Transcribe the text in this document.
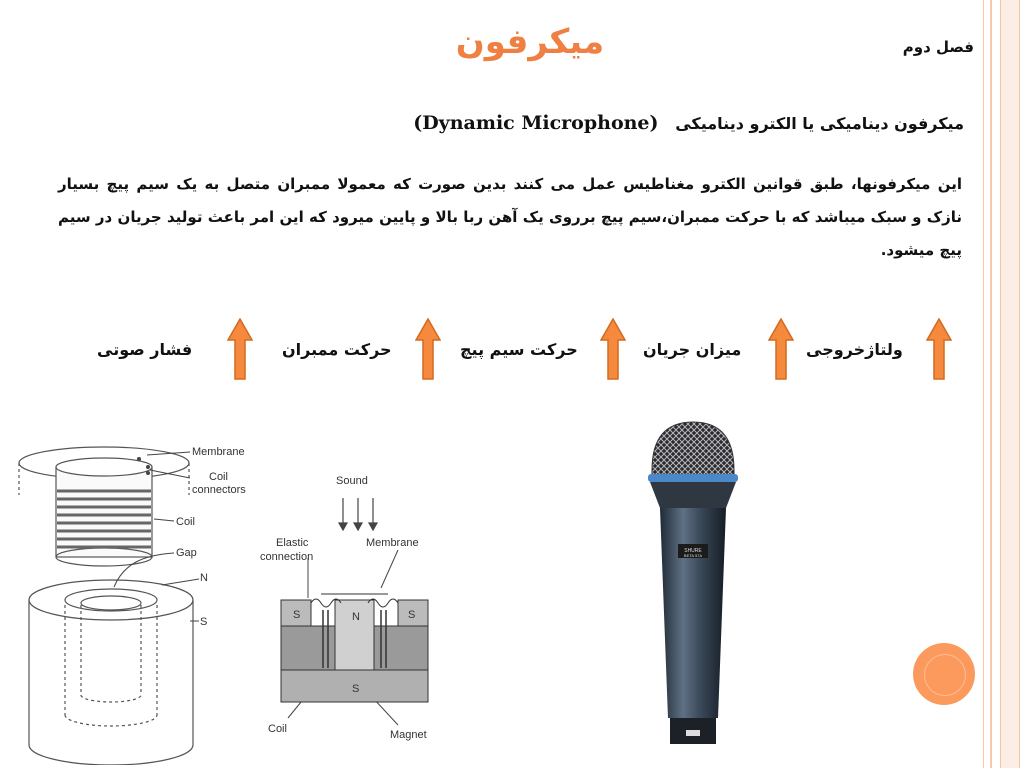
میکرفون	فصل دوم
میکرفون دینامیکی یا الکترو دینامیکی   (Dynamic Microphone)
این میکرفونها، طبق قوانین الکترو مغناطیس عمل می کنند بدین صورت که معمولا ممبران متصل به یک سیم پیچ بسیار نازک و سبک میباشد که با حرکت ممبران،سیم پیچ برروی یک آهن ربا بالا و پایین میرود که این امر باعث تولید جریان در سیم پیچ میشود.
ولتاژخروجی
میزان جریان
حرکت سیم پیچ
حرکت ممبران
فشار صوتی
Membrane
Coil
connectors
Coil
Gap
N
S
Sound
Elastic
connection
Membrane
S	N	S
S
Coil	Magnet
SHURE
BETA 57A
